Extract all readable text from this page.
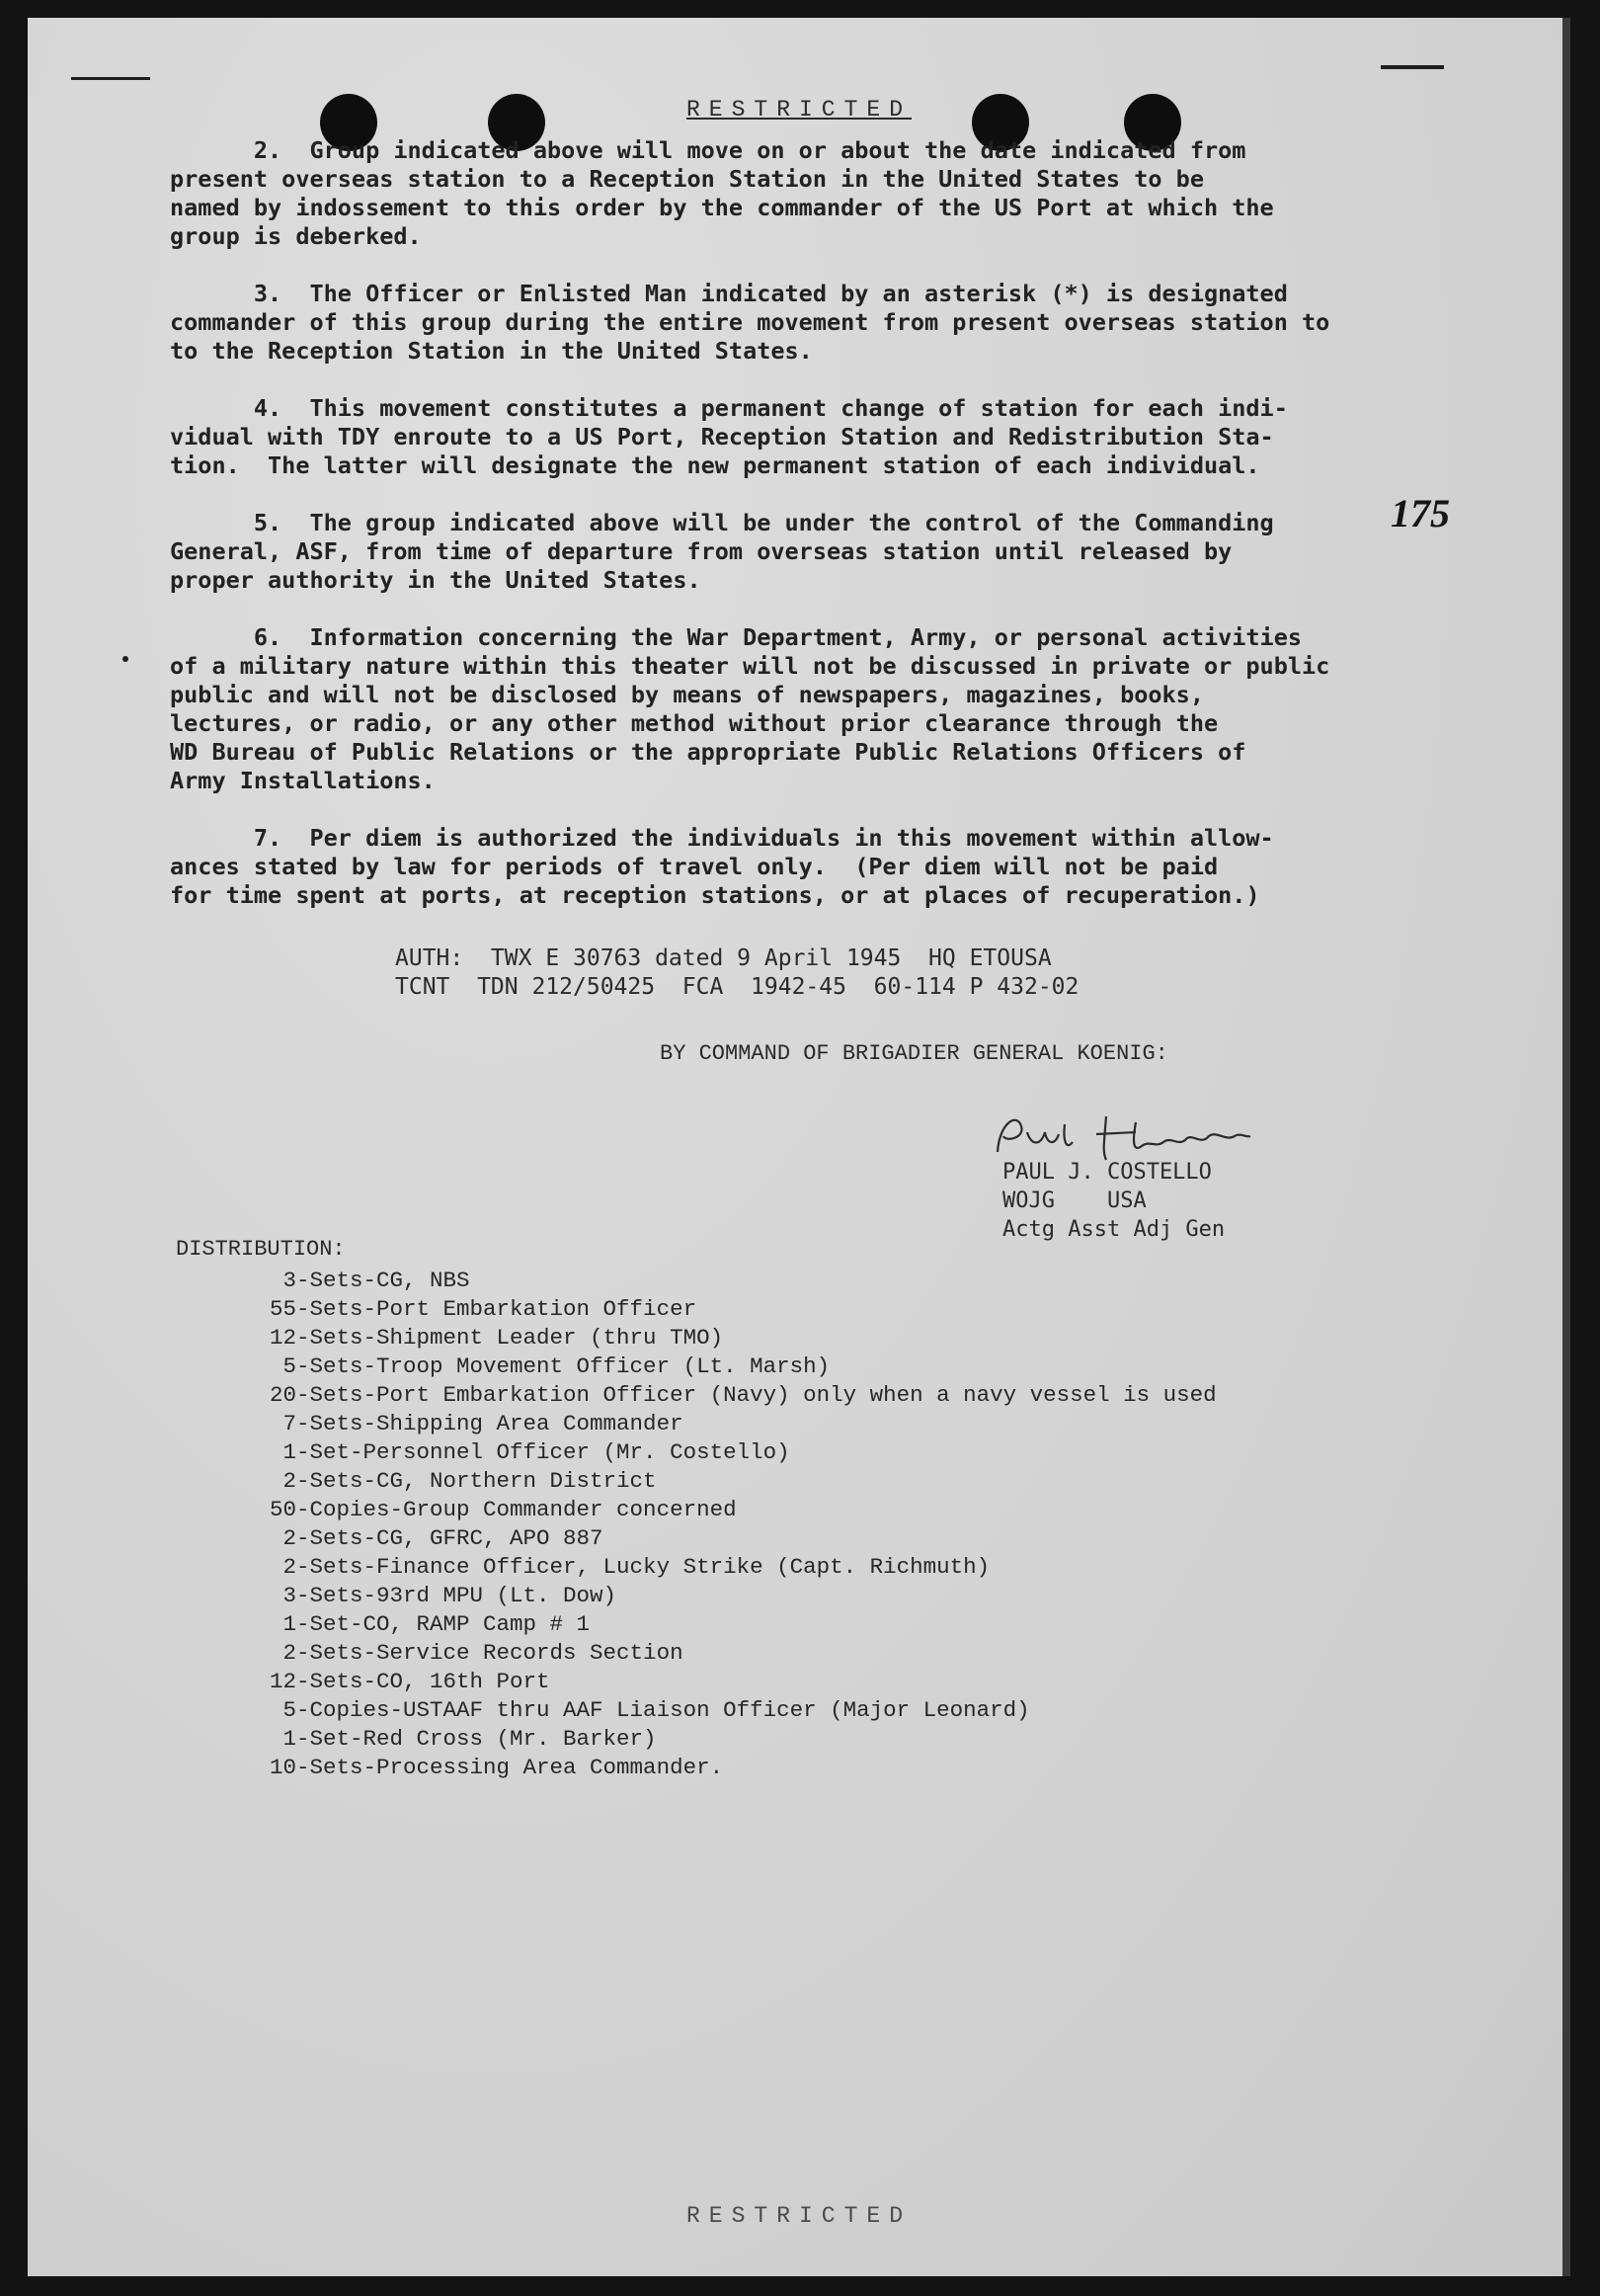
RESTRICTED
2.  Group indicated above will move on or about the date indicated from
present overseas station to a Reception Station in the United States to be
named by indossement to this order by the commander of the US Port at which the
group is deberked.
3.  The Officer or Enlisted Man indicated by an asterisk (*) is designated
commander of this group during the entire movement from present overseas station to
to the Reception Station in the United States.
4.  This movement constitutes a permanent change of station for each indi-
vidual with TDY enroute to a US Port, Reception Station and Redistribution Sta-
tion.  The latter will designate the new permanent station of each individual.
175
5.  The group indicated above will be under the control of the Commanding
General, ASF, from time of departure from overseas station until released by
proper authority in the United States.
6.  Information concerning the War Department, Army, or personal activities
of a military nature within this theater will not be discussed in private or public
public and will not be disclosed by means of newspapers, magazines, books,
lectures, or radio, or any other method without prior clearance through the
WD Bureau of Public Relations or the appropriate Public Relations Officers of
Army Installations.
7.  Per diem is authorized the individuals in this movement within allow-
ances stated by law for periods of travel only.  (Per diem will not be paid
for time spent at ports, at reception stations, or at places of recuperation.)
AUTH:  TWX E 30763 dated 9 April 1945  HQ ETOUSA
TCNT  TDN 212/50425  FCA  1942-45  60-114 P 432-02
BY COMMAND OF BRIGADIER GENERAL KOENIG:
PAUL J. COSTELLO
WOJG    USA
Actg Asst Adj Gen
DISTRIBUTION:
3-Sets-CG, NBS
55-Sets-Port Embarkation Officer
12-Sets-Shipment Leader (thru TMO)
5-Sets-Troop Movement Officer (Lt. Marsh)
20-Sets-Port Embarkation Officer (Navy) only when a navy vessel is used
7-Sets-Shipping Area Commander
1-Set-Personnel Officer (Mr. Costello)
2-Sets-CG, Northern District
50-Copies-Group Commander concerned
2-Sets-CG, GFRC, APO 887
2-Sets-Finance Officer, Lucky Strike (Capt. Richmuth)
3-Sets-93rd MPU (Lt. Dow)
1-Set-CO, RAMP Camp # 1
2-Sets-Service Records Section
12-Sets-CO, 16th Port
5-Copies-USTAAF thru AAF Liaison Officer (Major Leonard)
1-Set-Red Cross (Mr. Barker)
10-Sets-Processing Area Commander.
RESTRICTED
